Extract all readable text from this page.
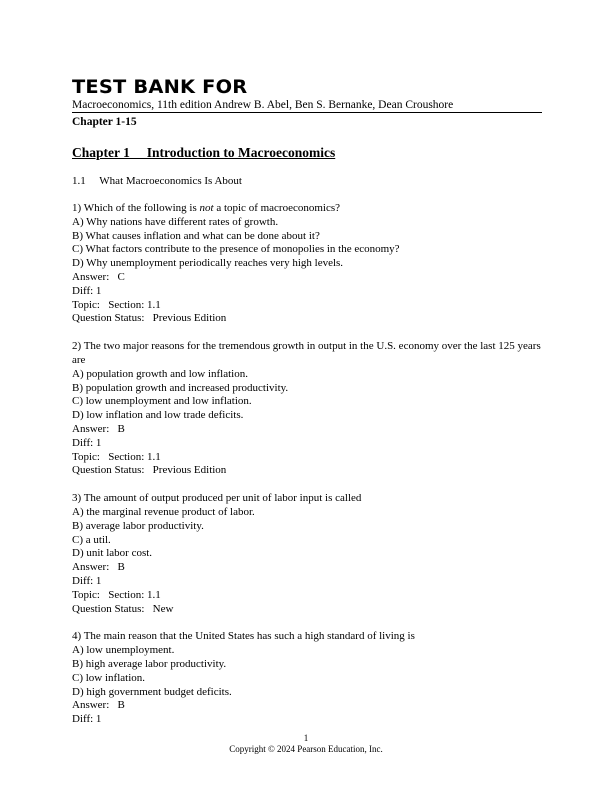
TEST BANK FOR

Macroeconomics, 11th edition Andrew B. Abel, Ben S. Bernanke, Dean Croushore

Chapter 1-15

Chapter 1     Introduction to Macroeconomics

1.1     What Macroeconomics Is About

1) Which of the following is not a topic of macroeconomics?

A) Why nations have different rates of growth.

B) What causes inflation and what can be done about it?

C) What factors contribute to the presence of monopolies in the economy?

D) Why unemployment periodically reaches very high levels.

Answer:   C

Diff: 1

Topic:   Section: 1.1

Question Status:   Previous Edition

2) The two major reasons for the tremendous growth in output in the U.S. economy over the last 125 years are

A) population growth and low inflation.

B) population growth and increased productivity.

C) low unemployment and low inflation.

D) low inflation and low trade deficits.

Answer:   B

Diff: 1

Topic:   Section: 1.1

Question Status:   Previous Edition

3) The amount of output produced per unit of labor input is called

A) the marginal revenue product of labor.

B) average labor productivity.

C) a util.

D) unit labor cost.

Answer:   B

Diff: 1

Topic:   Section: 1.1

Question Status:   New

4) The main reason that the United States has such a high standard of living is

A) low unemployment.

B) high average labor productivity.

C) low inflation.

D) high government budget deficits.

Answer:   B

Diff: 1

1
Copyright © 2024 Pearson Education, Inc.
